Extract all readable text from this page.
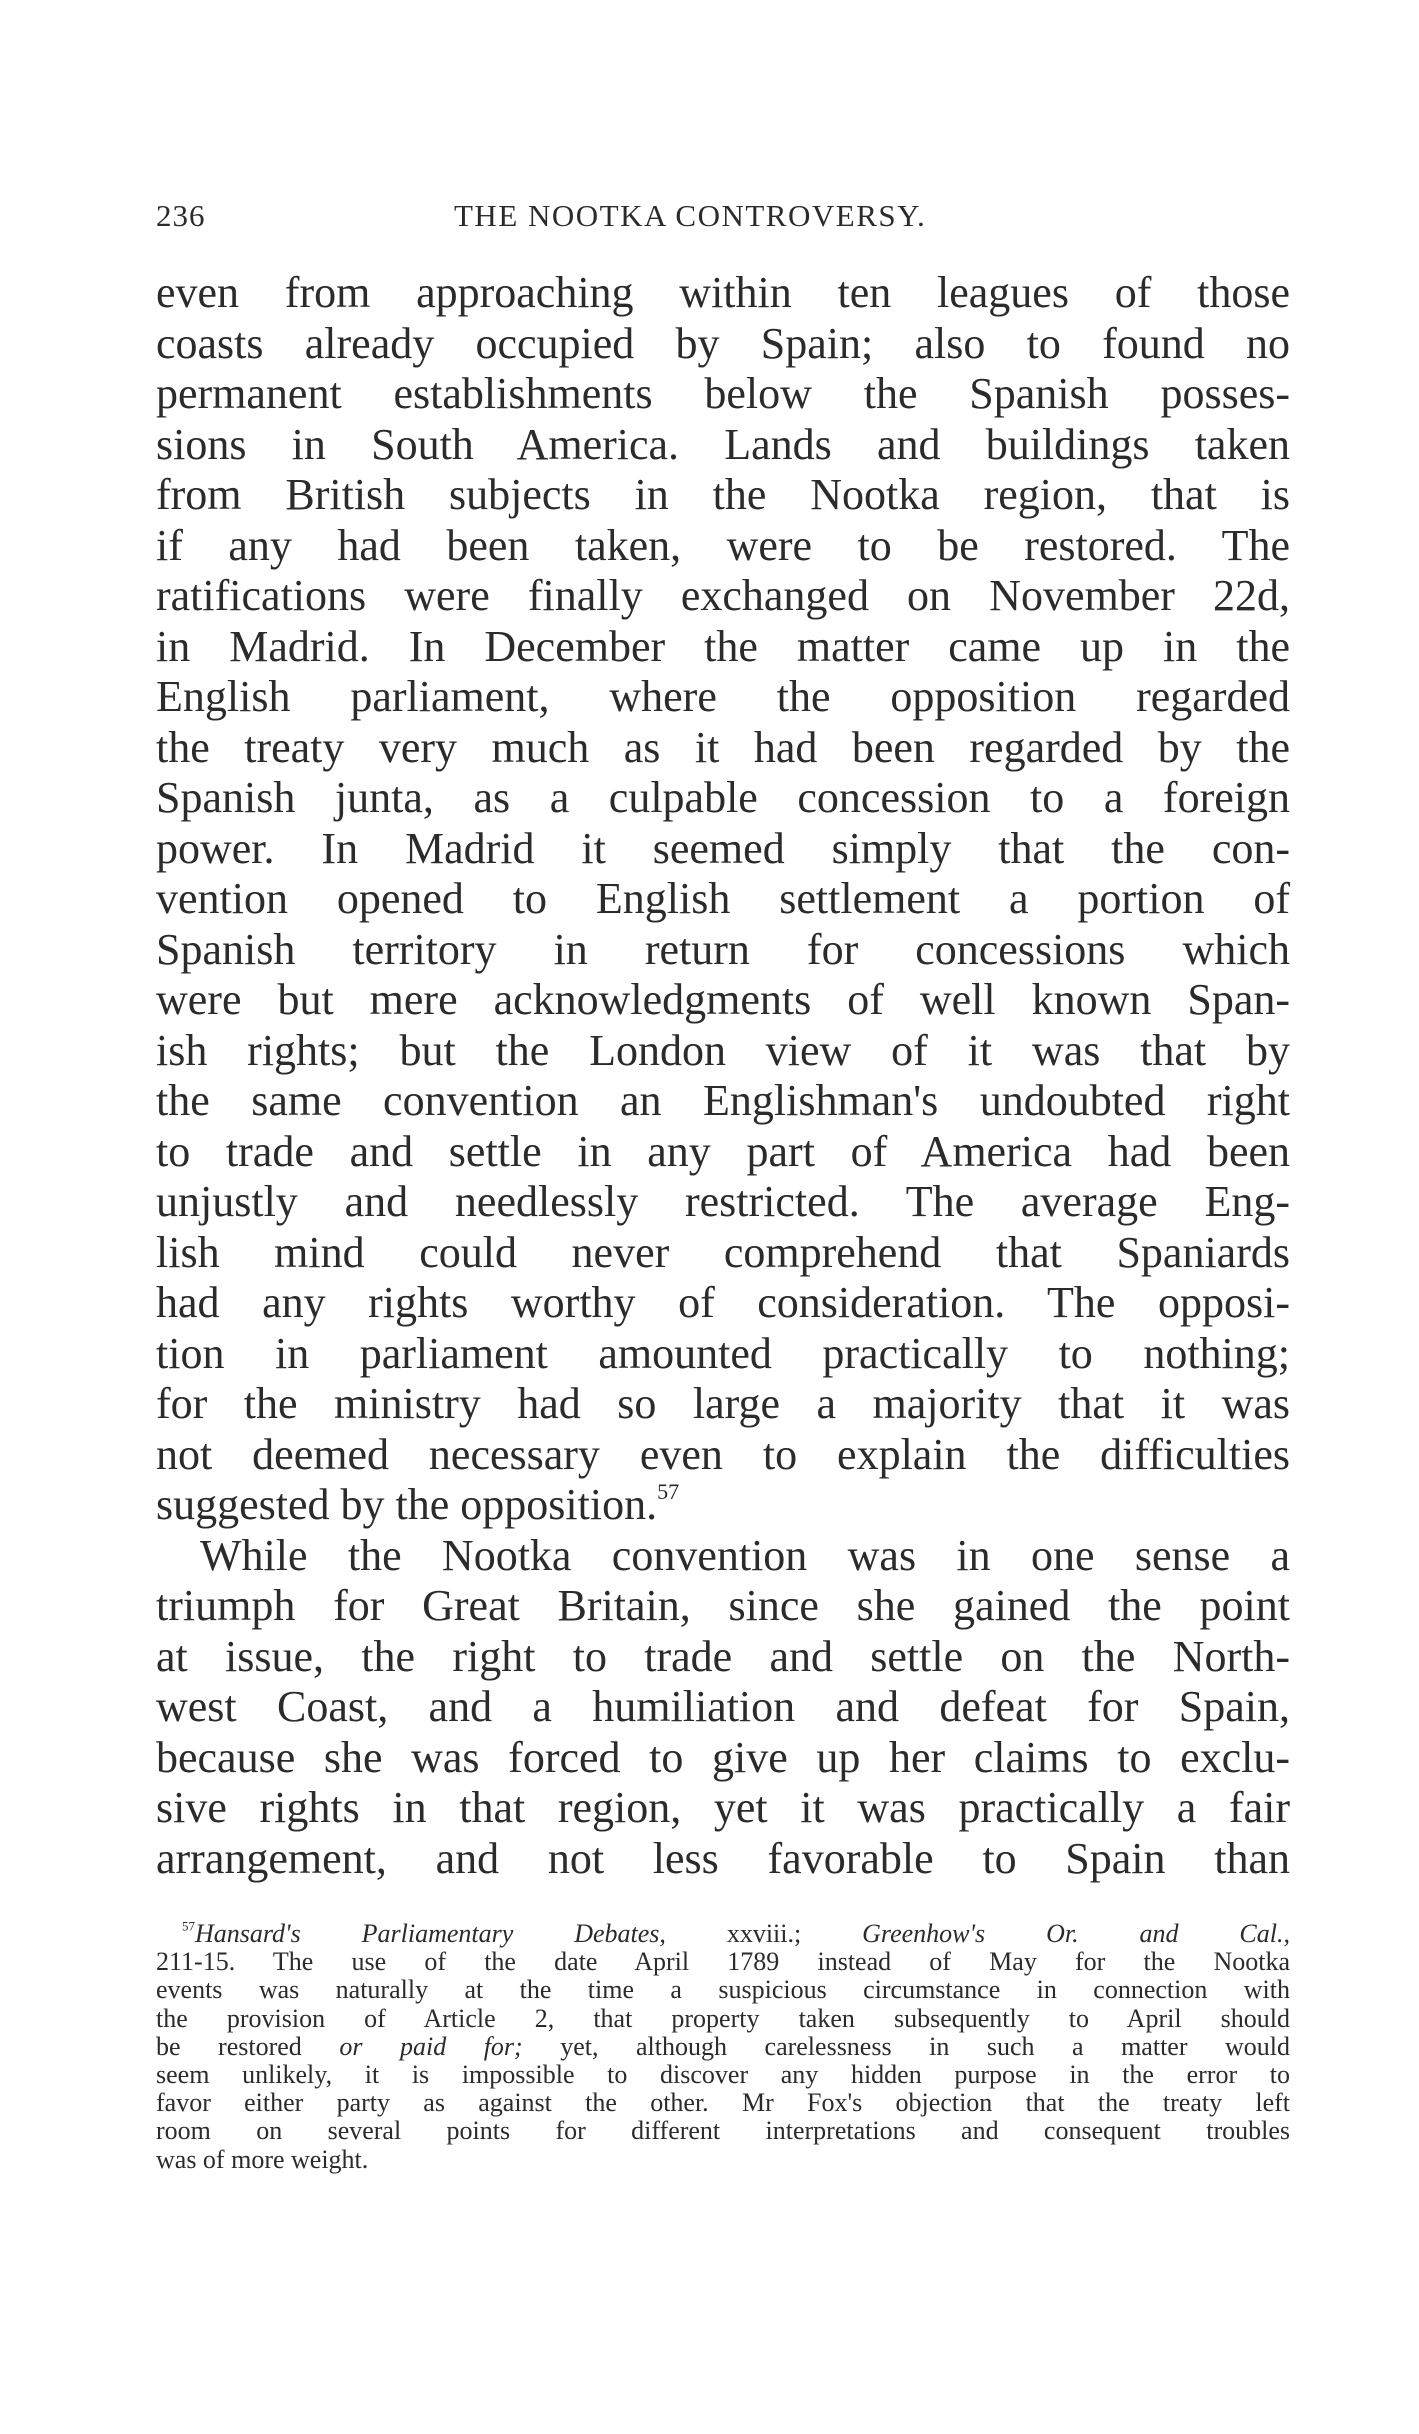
236	THE NOOTKA CONTROVERSY.
even from approaching within ten leagues of those
coasts already occupied by Spain; also to found no
permanent establishments below the Spanish posses-
sions in South America. Lands and buildings taken
from British subjects in the Nootka region, that is
if any had been taken, were to be restored. The
ratifications were finally exchanged on November 22d,
in Madrid. In December the matter came up in the
English parliament, where the opposition regarded
the treaty very much as it had been regarded by the
Spanish junta, as a culpable concession to a foreign
power. In Madrid it seemed simply that the con-
vention opened to English settlement a portion of
Spanish territory in return for concessions which
were but mere acknowledgments of well known Span-
ish rights; but the London view of it was that by
the same convention an Englishman's undoubted right
to trade and settle in any part of America had been
unjustly and needlessly restricted. The average Eng-
lish mind could never comprehend that Spaniards
had any rights worthy of consideration. The opposi-
tion in parliament amounted practically to nothing;
for the ministry had so large a majority that it was
not deemed necessary even to explain the difficulties
suggested by the opposition.$^{57}$
While the Nootka convention was in one sense a
triumph for Great Britain, since she gained the point
at issue, the right to trade and settle on the North-
west Coast, and a humiliation and defeat for Spain,
because she was forced to give up her claims to exclu-
sive rights in that region, yet it was practically a fair
arrangement, and not less favorable to Spain than
$^{57}$Hansard's Parliamentary Debates, xxviii.; Greenhow's Or. and Cal.,
211-15. The use of the date April 1789 instead of May for the Nootka
events was naturally at the time a suspicious circumstance in connection with
the provision of Article 2, that property taken subsequently to April should
be restored or paid for; yet, although carelessness in such a matter would
seem unlikely, it is impossible to discover any hidden purpose in the error to
favor either party as against the other. Mr Fox's objection that the treaty left
room on several points for different interpretations and consequent troubles
was of more weight.
